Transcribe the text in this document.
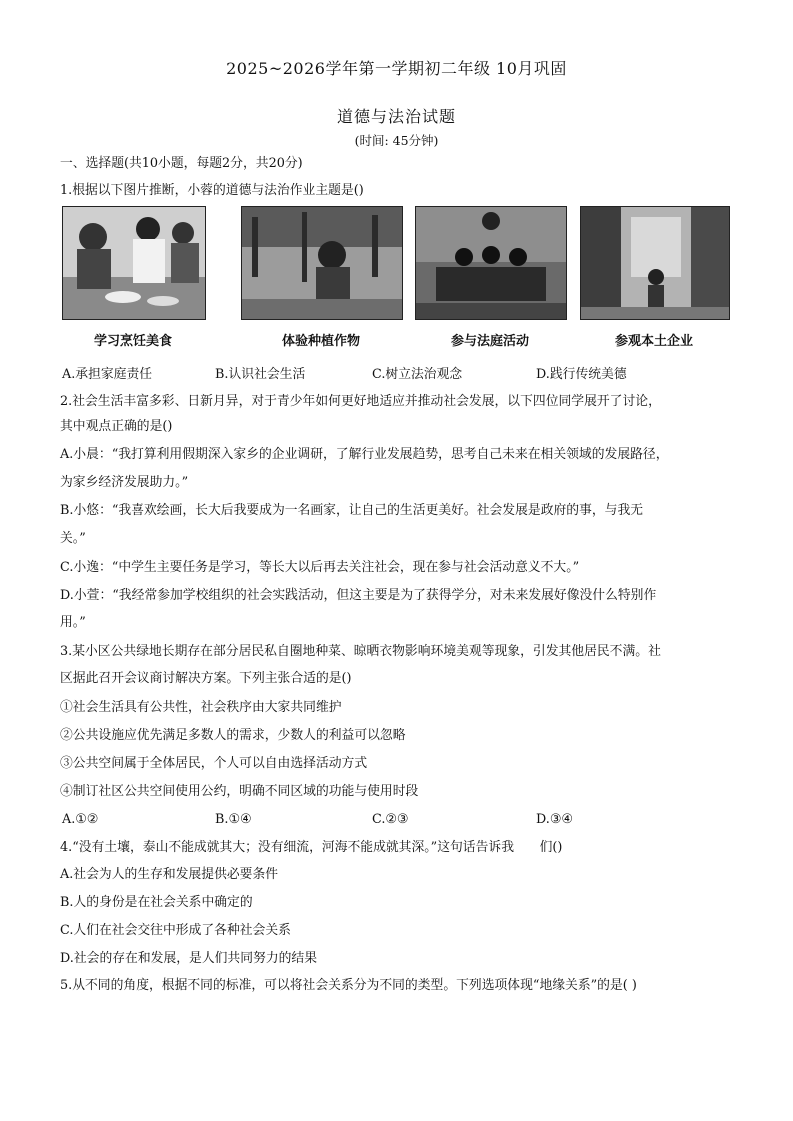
2025~2026学年第一学期初二年级 10月巩固
道德与法治试题
(时间: 45分钟)
一、选择题(共10小题，每题2分，共20分)
1.根据以下图片推断，小蓉的道德与法治作业主题是()
学习烹饪美食	体验种植作物	参与法庭活动	参观本土企业
A.承担家庭责任	B.认识社会生活	C.树立法治观念	D.践行传统美德
2.社会生活丰富多彩、日新月异，对于青少年如何更好地适应并推动社会发展，以下四位同学展开了讨论，
其中观点正确的是()
A.小晨：“我打算利用假期深入家乡的企业调研，了解行业发展趋势，思考自己未来在相关领域的发展路径，
为家乡经济发展助力。”
B.小悠：“我喜欢绘画，长大后我要成为一名画家，让自己的生活更美好。社会发展是政府的事，与我无
关。”
C.小逸：“中学生主要任务是学习，等长大以后再去关注社会，现在参与社会活动意义不大。”
D.小萱：“我经常参加学校组织的社会实践活动，但这主要是为了获得学分，对未来发展好像没什么特别作
用。”
3.某小区公共绿地长期存在部分居民私自圈地种菜、晾晒衣物影响环境美观等现象，引发其他居民不满。社
区据此召开会议商讨解决方案。下列主张合适的是()
①社会生活具有公共性，社会秩序由大家共同维护
②公共设施应优先满足多数人的需求，少数人的利益可以忽略
③公共空间属于全体居民，个人可以自由选择活动方式
④制订社区公共空间使用公约，明确不同区域的功能与使用时段
A.①②	B.①④	C.②③	D.③④
4.“没有土壤，泰山不能成就其大；没有细流，河海不能成就其深。”这句话告诉我　　们()
A.社会为人的生存和发展提供必要条件
B.人的身份是在社会关系中确定的
C.人们在社会交往中形成了各种社会关系
D.社会的存在和发展，是人们共同努力的结果
5.从不同的角度，根据不同的标准，可以将社会关系分为不同的类型。下列选项体现“地缘关系”的是( )
